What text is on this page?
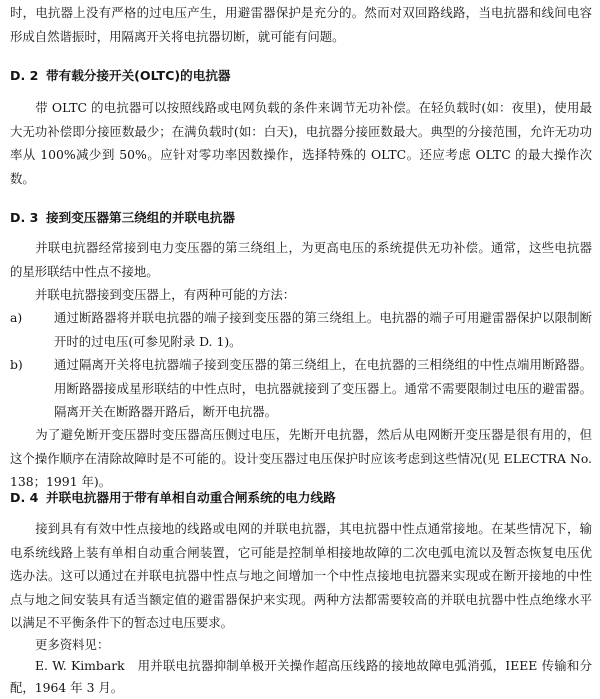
时，电抗器上没有严格的过电压产生，用避雷器保护是充分的。然而对双回路线路，当电抗器和线间电容形成自然谐振时，用隔离开关将电抗器切断，就可能有问题。

D. 2 带有载分接开关(OLTC)的电抗器

带 OLTC 的电抗器可以按照线路或电网负载的条件来调节无功补偿。在轻负载时(如：夜里)，使用最大无功补偿即分接匝数最少；在满负载时(如：白天)，电抗器分接匝数最大。典型的分接范围，允许无功功率从 100%减少到 50%。应针对零功率因数操作，选择特殊的 OLTC。还应考虑 OLTC 的最大操作次数。

D. 3 接到变压器第三绕组的并联电抗器

并联电抗器经常接到电力变压器的第三绕组上，为更高电压的系统提供无功补偿。通常，这些电抗器的星形联结中性点不接地。

并联电抗器接到变压器上，有两种可能的方法：

a)	通过断路器将并联电抗器的端子接到变压器的第三绕组上。电抗器的端子可用避雷器保护以限制断开时的过电压(可参见附录 D. 1)。
b)	通过隔离开关将电抗器端子接到变压器的第三绕组上，在电抗器的三相绕组的中性点端用断路器。用断路器接成星形联结的中性点时，电抗器就接到了变压器上。通常不需要限制过电压的避雷器。隔离开关在断路器开路后，断开电抗器。

为了避免断开变压器时变压器高压侧过电压，先断开电抗器，然后从电网断开变压器是很有用的，但这个操作顺序在清除故障时是不可能的。设计变压器过电压保护时应该考虑到这些情况(见 ELECTRA No. 138；1991 年)。

D. 4 并联电抗器用于带有单相自动重合闸系统的电力线路

接到具有有效中性点接地的线路或电网的并联电抗器，其电抗器中性点通常接地。在某些情况下，输电系统线路上装有单相自动重合闸装置，它可能是控制单相接地故障的二次电弧电流以及暂态恢复电压优选办法。这可以通过在并联电抗器中性点与地之间增加一个中性点接地电抗器来实现或在断开接地的中性点与地之间安装具有适当额定值的避雷器保护来实现。两种方法都需要较高的并联电抗器中性点绝缘水平以满足不平衡条件下的暂态过电压要求。

更多资料见：

E. W. Kimbark　用并联电抗器抑制单极开关操作超高压线路的接地故障电弧消弧，IEEE 传输和分配，1964 年 3 月。
